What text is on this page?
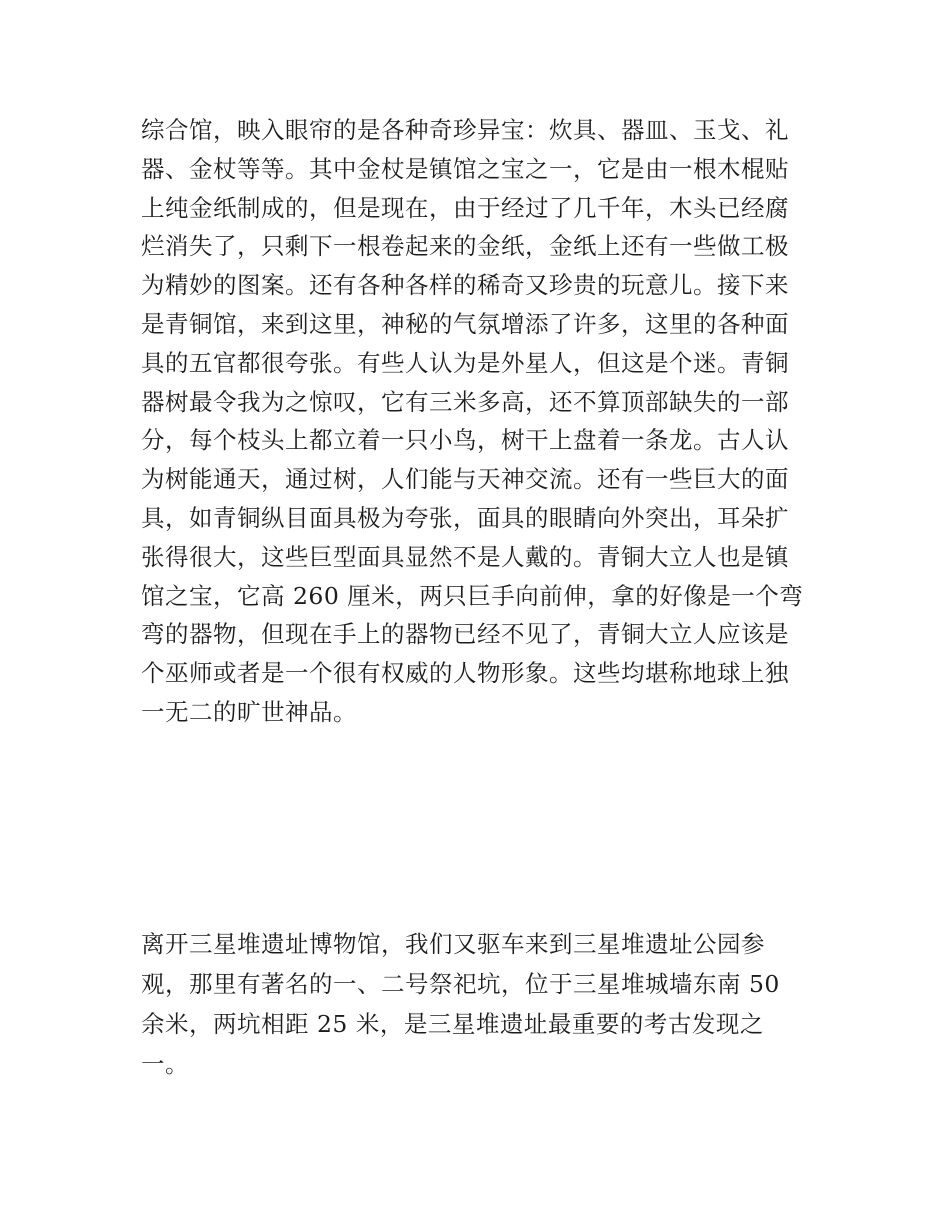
综合馆，映入眼帘的是各种奇珍异宝：炊具、器皿、玉戈、礼
器、金杖等等。其中金杖是镇馆之宝之一，它是由一根木棍贴
上纯金纸制成的，但是现在，由于经过了几千年，木头已经腐
烂消失了，只剩下一根卷起来的金纸，金纸上还有一些做工极
为精妙的图案。还有各种各样的稀奇又珍贵的玩意儿。接下来
是青铜馆，来到这里，神秘的气氛增添了许多，这里的各种面
具的五官都很夸张。有些人认为是外星人，但这是个迷。青铜
器树最令我为之惊叹，它有三米多高，还不算顶部缺失的一部
分，每个枝头上都立着一只小鸟，树干上盘着一条龙。古人认
为树能通天，通过树，人们能与天神交流。还有一些巨大的面
具，如青铜纵目面具极为夸张，面具的眼睛向外突出，耳朵扩
张得很大，这些巨型面具显然不是人戴的。青铜大立人也是镇
馆之宝，它高 260 厘米，两只巨手向前伸，拿的好像是一个弯
弯的器物，但现在手上的器物已经不见了，青铜大立人应该是
个巫师或者是一个很有权威的人物形象。这些均堪称地球上独
一无二的旷世神品。
离开三星堆遗址博物馆，我们又驱车来到三星堆遗址公园参
观，那里有著名的一、二号祭祀坑，位于三星堆城墙东南 50
余米，两坑相距 25 米，是三星堆遗址最重要的考古发现之
一。
